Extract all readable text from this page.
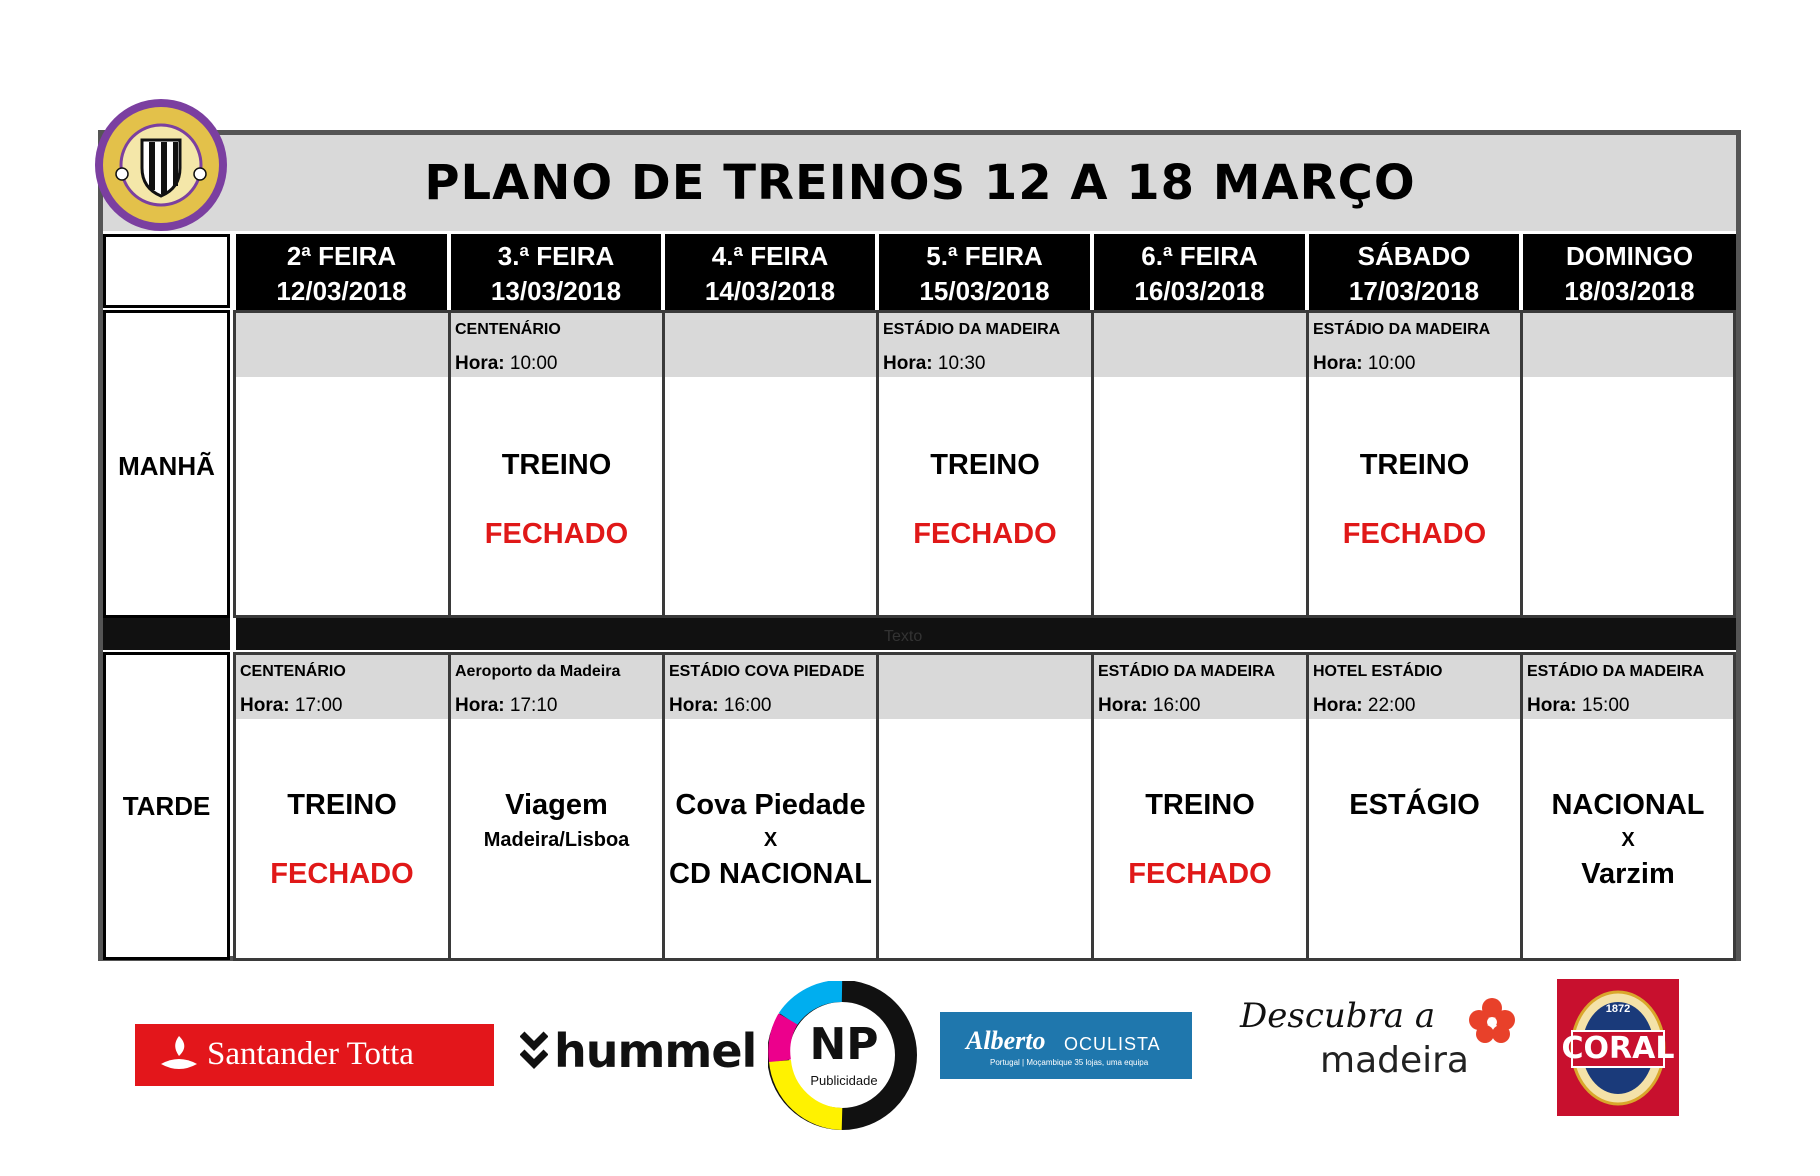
PLANO DE TREINOS 12 A 18 MARÇO
2ª FEIRA
12/03/2018
3.ª FEIRA
13/03/2018
4.ª FEIRA
14/03/2018
5.ª FEIRA
15/03/2018
6.ª FEIRA
16/03/2018
SÁBADO
17/03/2018
DOMINGO
18/03/2018
MANHÃ
TARDE
Texto
CENTENÁRIO
Hora: 10:00
TREINO
FECHADO
ESTÁDIO DA MADEIRA
Hora: 10:30
TREINO
FECHADO
ESTÁDIO DA MADEIRA
Hora: 10:00
TREINO
FECHADO
CENTENÁRIO
Hora: 17:00
TREINO
FECHADO
Aeroporto da Madeira
Hora: 17:10
Viagem
Madeira/Lisboa
ESTÁDIO COVA PIEDADE
Hora: 16:00
Cova Piedade
X
CD NACIONAL
ESTÁDIO DA MADEIRA
Hora: 16:00
TREINO
FECHADO
HOTEL ESTÁDIO
Hora: 22:00
ESTÁGIO
ESTÁDIO DA MADEIRA
Hora: 15:00
NACIONAL
X
Varzim
Santander Totta	hummel	NP
Publicidade
Alberto OCULISTA
Portugal | Moçambique 35 lojas, uma equipa
Descubra a
madeira
1872
CORAL
